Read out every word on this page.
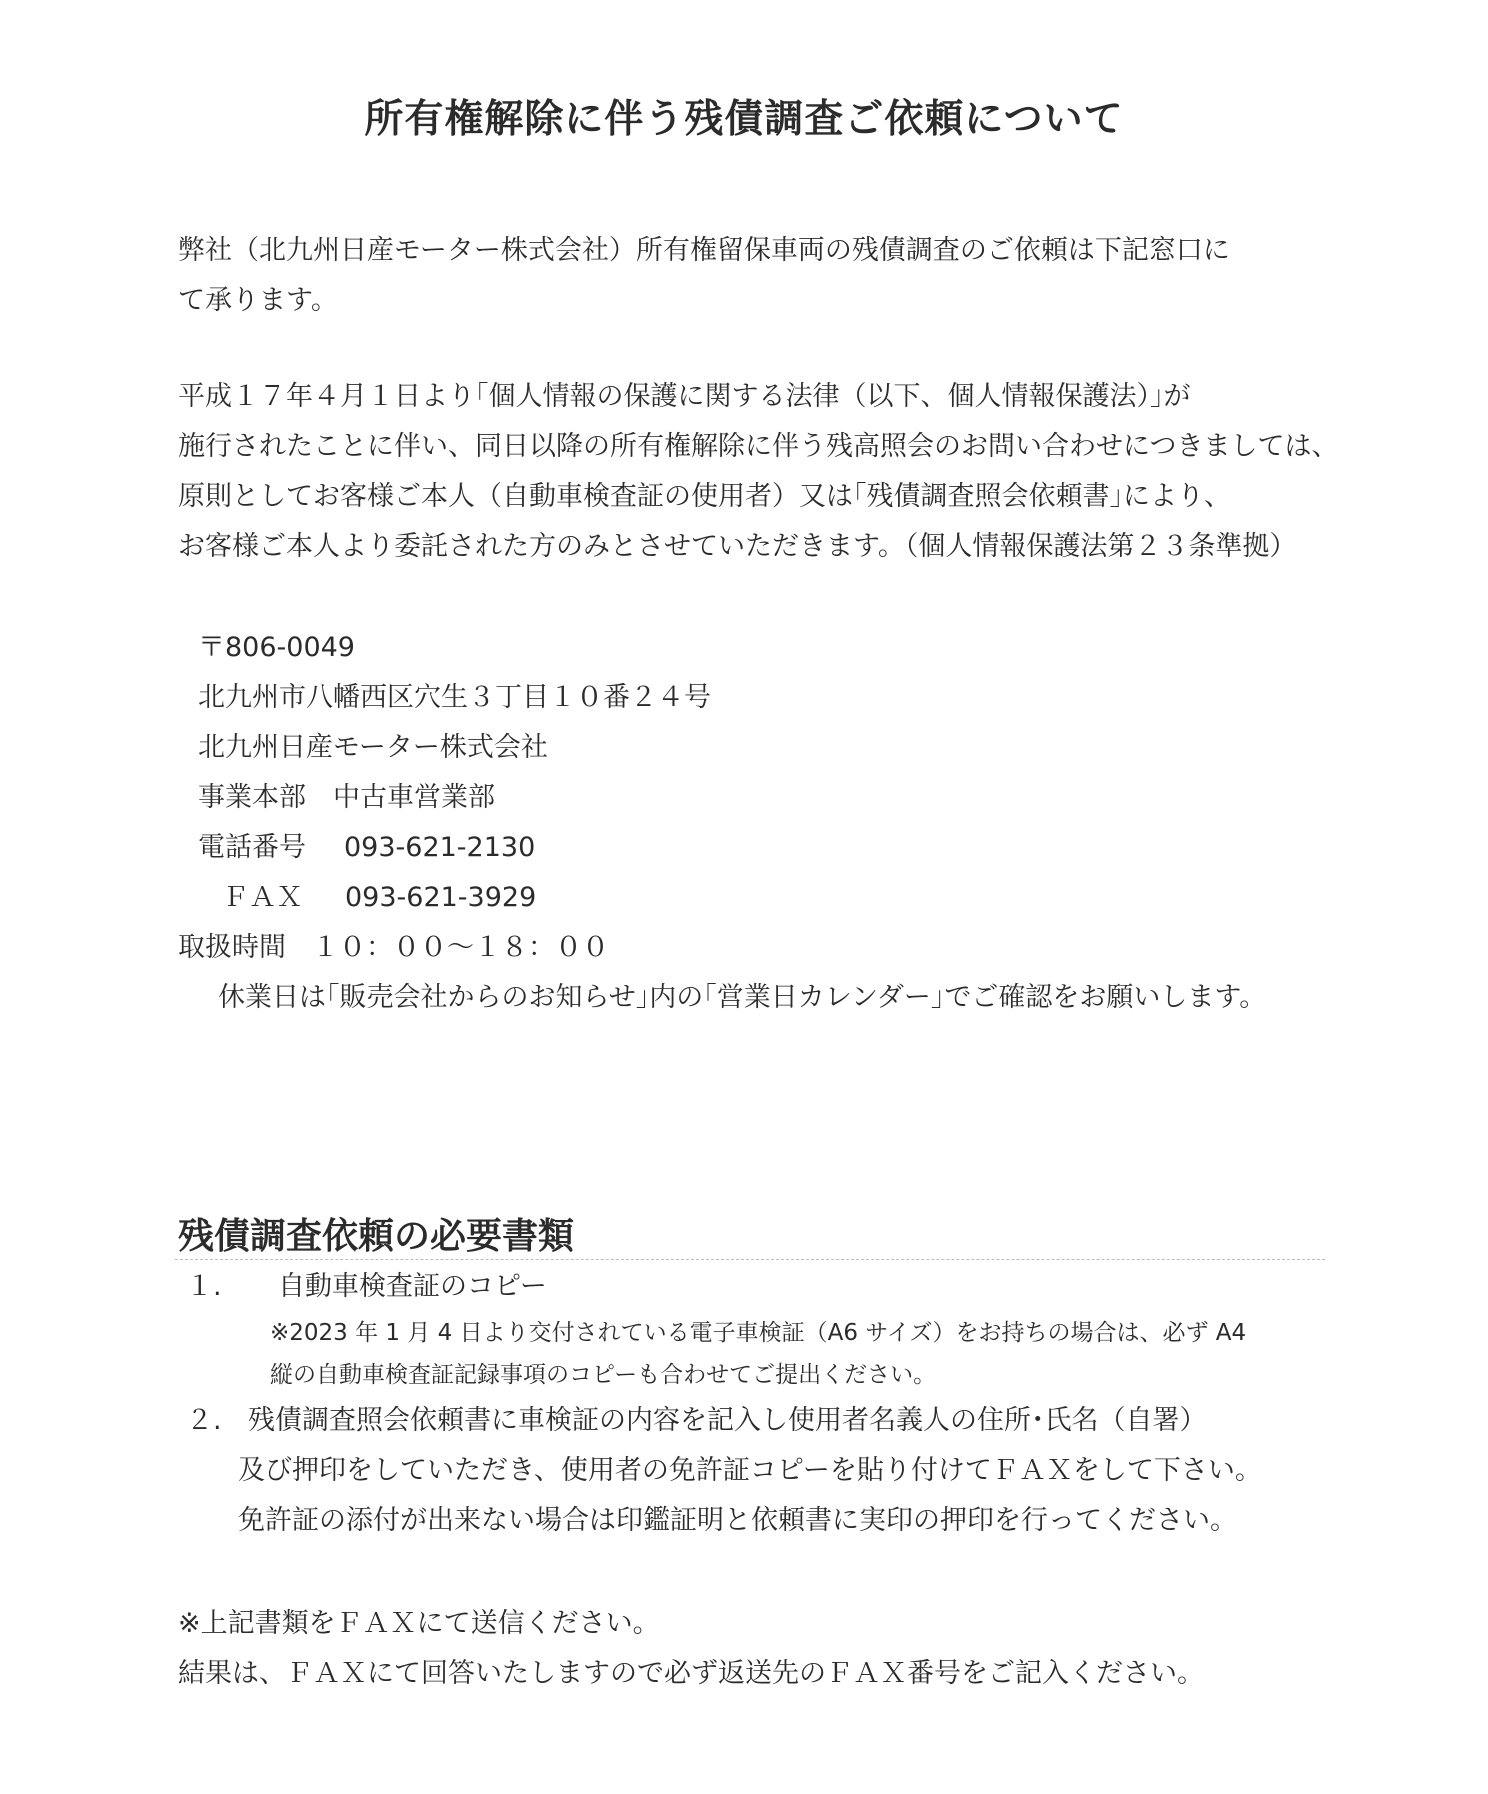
所有権解除に伴う残債調査ご依頼について

弊社（北九州日産モーター株式会社）所有権留保車両の残債調査のご依頼は下記窓口に

て承ります。

平成１７年４月１日より｢個人情報の保護に関する法律（以下、個人情報保護法）｣が

施行されたことに伴い、同日以降の所有権解除に伴う残高照会のお問い合わせにつきましては、

原則としてお客様ご本人（自動車検査証の使用者）又は｢残債調査照会依頼書｣により、

お客様ご本人より委託された方のみとさせていただきます。（個人情報保護法第２３条準拠）

〒806-0049

北九州市八幡西区穴生３丁目１０番２４号

北九州日産モーター株式会社

事業本部　中古車営業部

電話番号 093-621-2130

ＦＡＸ 093-621-3929

取扱時間 １０：００～１８：００

休業日は｢販売会社からのお知らせ｣内の｢営業日カレンダー｣でご確認をお願いします。

残債調査依頼の必要書類
１.	自動車検査証のコピー
※2023 年 1 月 4 日より交付されている電子車検証（A6 サイズ）をお持ちの場合は、必ず A4
縦の自動車検査証記録事項のコピーも合わせてご提出ください。
２. 残債調査照会依頼書に車検証の内容を記入し使用者名義人の住所･氏名（自署）
及び押印をしていただき、使用者の免許証コピーを貼り付けてＦＡＸをして下さい。
免許証の添付が出来ない場合は印鑑証明と依頼書に実印の押印を行ってください。

※上記書類をＦＡＸにて送信ください。

結果は、ＦＡＸにて回答いたしますので必ず返送先のＦＡＸ番号をご記入ください。
